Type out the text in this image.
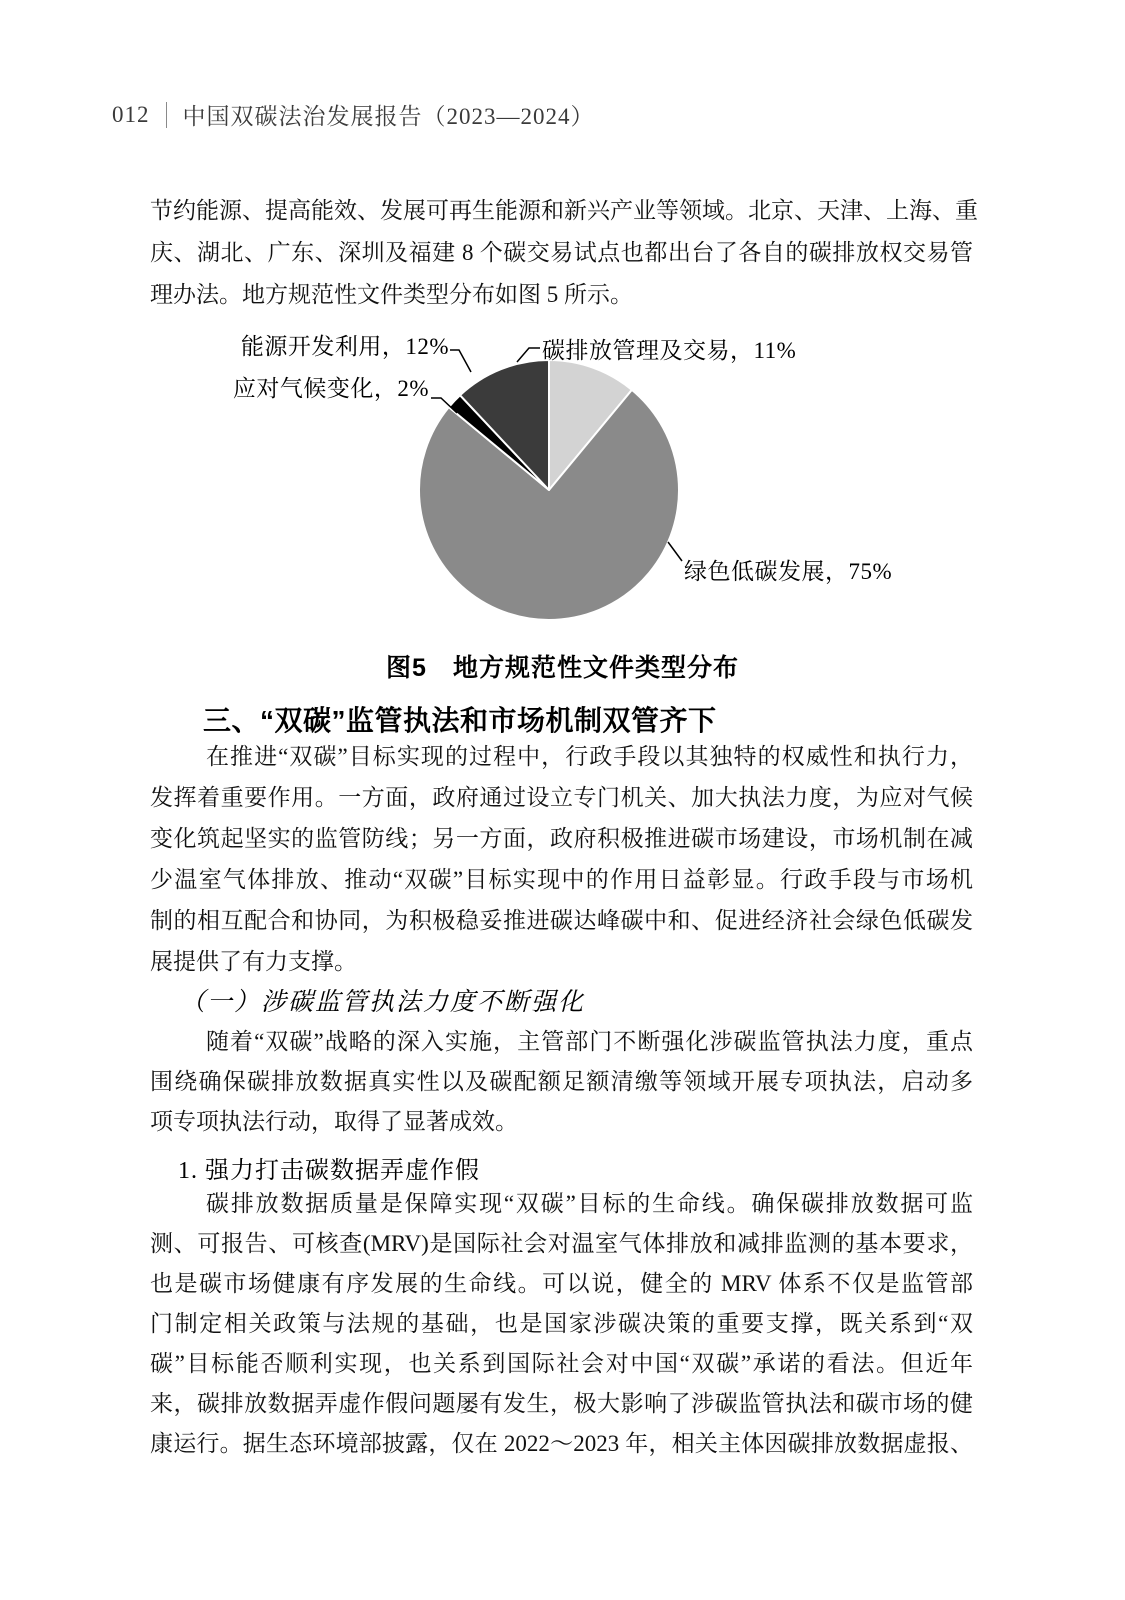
012 中国双碳法治发展报告（2023—2024）
节约能源、提高能效、发展可再生能源和新兴产业等领域。北京、天津、上海、重
庆、湖北、广东、深圳及福建 8 个碳交易试点也都出台了各自的碳排放权交易管
理办法。地方规范性文件类型分布如图 5 所示。
能源开发利用，12%
应对气候变化，2%
碳排放管理及交易，11%
绿色低碳发展，75%
图5　地方规范性文件类型分布
三、“双碳”监管执法和市场机制双管齐下
在推进“双碳”目标实现的过程中，行政手段以其独特的权威性和执行力，
发挥着重要作用。一方面，政府通过设立专门机关、加大执法力度，为应对气候
变化筑起坚实的监管防线；另一方面，政府积极推进碳市场建设，市场机制在减
少温室气体排放、推动“双碳”目标实现中的作用日益彰显。行政手段与市场机
制的相互配合和协同，为积极稳妥推进碳达峰碳中和、促进经济社会绿色低碳发
展提供了有力支撑。
（一）涉碳监管执法力度不断强化
随着“双碳”战略的深入实施，主管部门不断强化涉碳监管执法力度，重点
围绕确保碳排放数据真实性以及碳配额足额清缴等领域开展专项执法，启动多
项专项执法行动，取得了显著成效。
1. 强力打击碳数据弄虚作假
碳排放数据质量是保障实现“双碳”目标的生命线。确保碳排放数据可监
测、可报告、可核查(MRV)是国际社会对温室气体排放和减排监测的基本要求，
也是碳市场健康有序发展的生命线。可以说，健全的 MRV 体系不仅是监管部
门制定相关政策与法规的基础，也是国家涉碳决策的重要支撑，既关系到“双
碳”目标能否顺利实现，也关系到国际社会对中国“双碳”承诺的看法。但近年
来，碳排放数据弄虚作假问题屡有发生，极大影响了涉碳监管执法和碳市场的健
康运行。据生态环境部披露，仅在 2022～2023 年，相关主体因碳排放数据虚报、
